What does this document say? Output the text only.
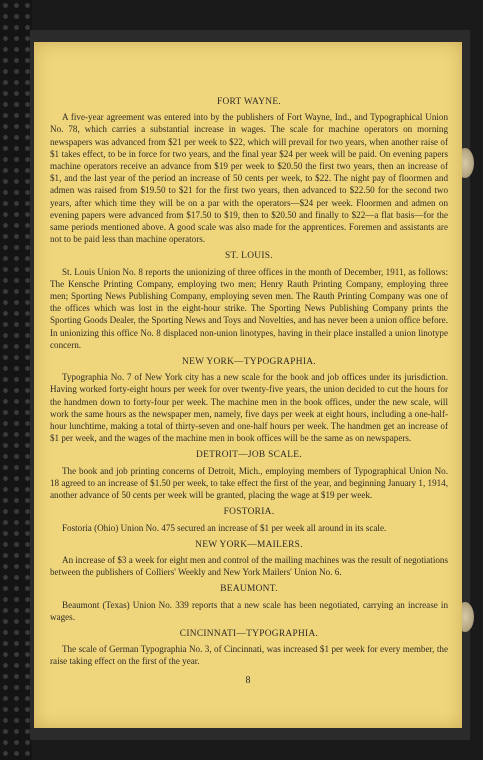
FORT WAYNE.

A five-year agreement was entered into by the publishers of Fort Wayne, Ind., and Typographical Union No. 78, which carries a substantial increase in wages. The scale for machine operators on morning newspapers was advanced from $21 per week to $22, which will prevail for two years, when another raise of $1 takes effect, to be in force for two years, and the final year $24 per week will be paid. On evening papers machine operators receive an advance from $19 per week to $20.50 the first two years, then an increase of $1, and the last year of the period an increase of 50 cents per week, to $22. The night pay of floormen and admen was raised from $19.50 to $21 for the first two years, then advanced to $22.50 for the second two years, after which time they will be on a par with the operators—$24 per week. Floormen and admen on evening papers were advanced from $17.50 to $19, then to $20.50 and finally to $22—a flat basis—for the same periods mentioned above. A good scale was also made for the apprentices. Foremen and assistants are not to be paid less than machine operators.

ST. LOUIS.

St. Louis Union No. 8 reports the unionizing of three offices in the month of December, 1911, as follows: The Kensche Printing Company, employing two men; Henry Rauth Printing Company, employing three men; Sporting News Publishing Company, employing seven men. The Rauth Printing Company was one of the offices which was lost in the eight-hour strike. The Sporting News Publishing Company prints the Sporting Goods Dealer, the Sporting News and Toys and Novelties, and has never been a union office before. In unionizing this office No. 8 displaced non-union linotypes, having in their place installed a union linotype concern.

NEW YORK—TYPOGRAPHIA.

Typographia No. 7 of New York city has a new scale for the book and job offices under its jurisdiction. Having worked forty-eight hours per week for over twenty-five years, the union decided to cut the hours for the handmen down to forty-four per week. The machine men in the book offices, under the new scale, will work the same hours as the newspaper men, namely, five days per week at eight hours, including a one-half-hour lunchtime, making a total of thirty-seven and one-half hours per week. The handmen get an increase of $1 per week, and the wages of the machine men in book offices will be the same as on newspapers.

DETROIT—JOB SCALE.

The book and job printing concerns of Detroit, Mich., employing members of Typographical Union No. 18 agreed to an increase of $1.50 per week, to take effect the first of the year, and beginning January 1, 1914, another advance of 50 cents per week will be granted, placing the wage at $19 per week.

FOSTORIA.

Fostoria (Ohio) Union No. 475 secured an increase of $1 per week all around in its scale.

NEW YORK—MAILERS.

An increase of $3 a week for eight men and control of the mailing machines was the result of negotiations between the publishers of Colliers' Weekly and New York Mailers' Union No. 6.

BEAUMONT.

Beaumont (Texas) Union No. 339 reports that a new scale has been negotiated, carrying an increase in wages.

CINCINNATI—TYPOGRAPHIA.

The scale of German Typographia No. 3, of Cincinnati, was increased $1 per week for every member, the raise taking effect on the first of the year.

8
